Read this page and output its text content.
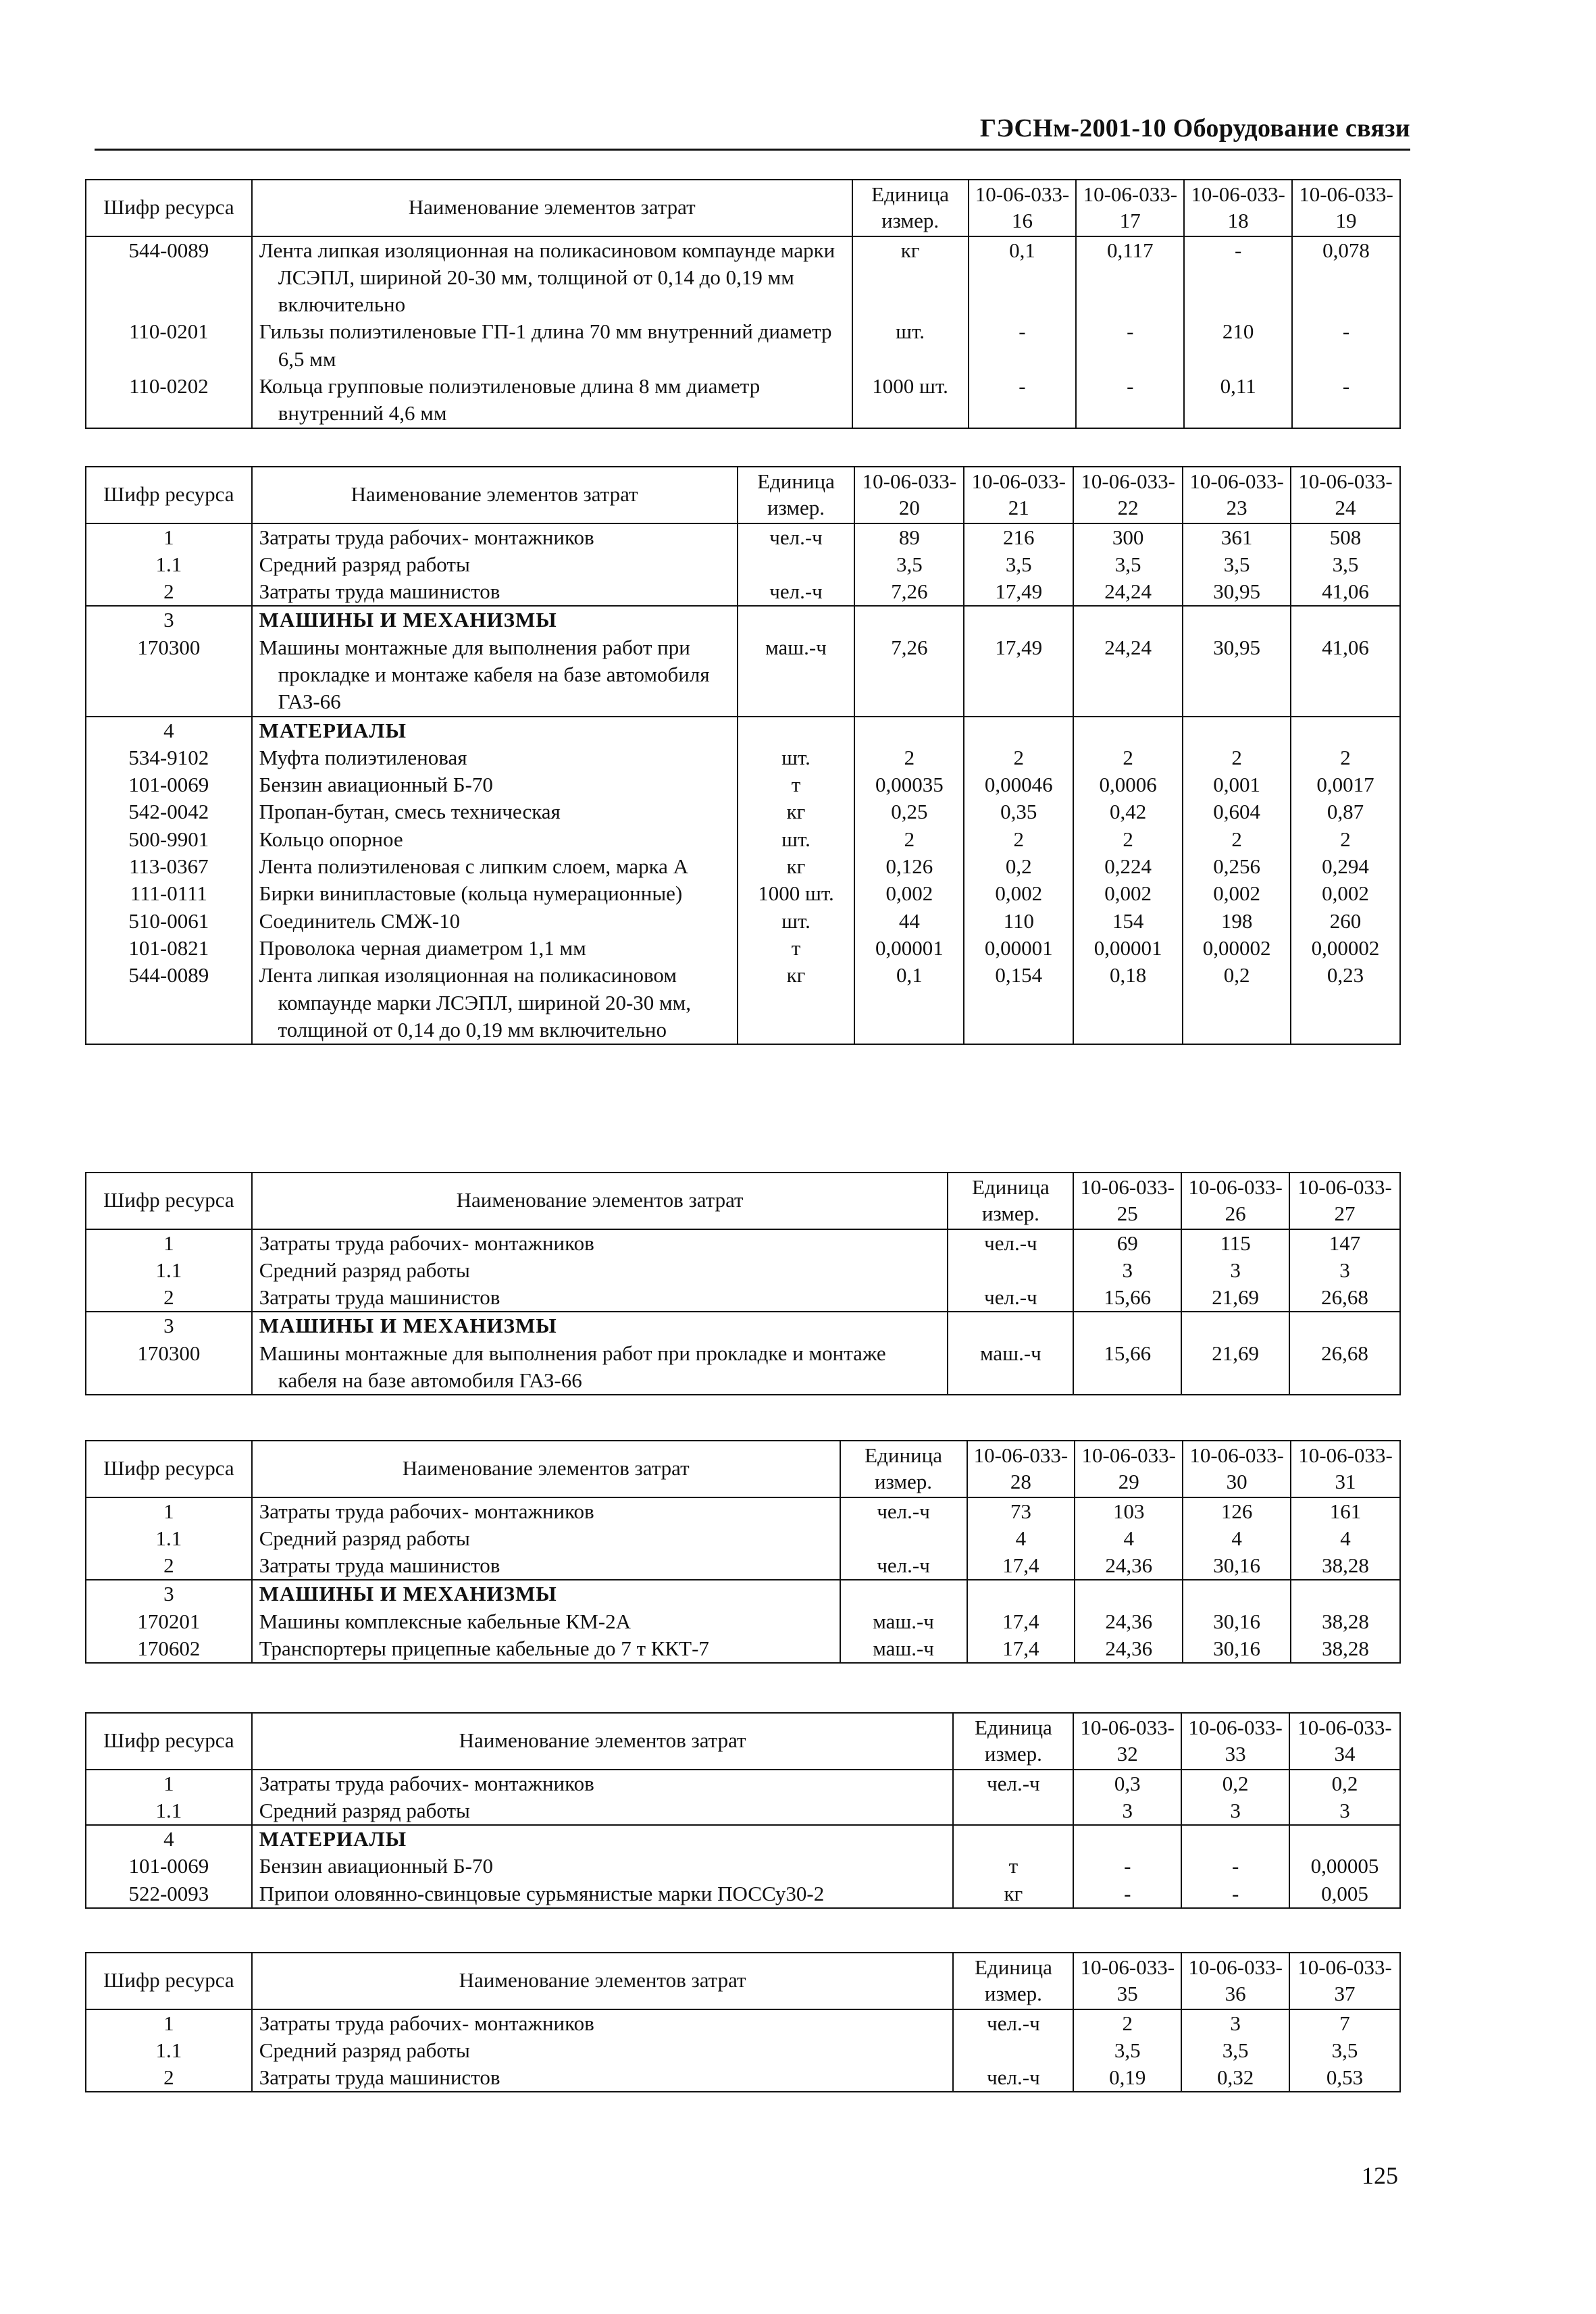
ГЭСНм-2001-10 Оборудование связи
Шифр ресурса	Наименование элементов затрат	Единица измер.	10-06-033-16	10-06-033-17	10-06-033-18	10-06-033-19
544-0089	Лента липкая изоляционная на поликасиновом компаунде марки ЛСЭПЛ, шириной 20-30 мм, толщиной от 0,14 до 0,19 мм включительно	кг	0,1	0,117	-	0,078
110-0201	Гильзы полиэтиленовые ГП-1 длина 70 мм внутренний диаметр 6,5 мм	шт.	-	-	210	-
110-0202	Кольца групповые полиэтиленовые длина 8 мм диаметр внутренний 4,6 мм	1000 шт.	-	-	0,11	-
Шифр ресурса	Наименование элементов затрат	Единица измер.	10-06-033-20	10-06-033-21	10-06-033-22	10-06-033-23	10-06-033-24
1	Затраты труда рабочих- монтажников	чел.-ч	89	216	300	361	508
1.1	Средний разряд работы		3,5	3,5	3,5	3,5	3,5
2	Затраты труда машинистов	чел.-ч	7,26	17,49	24,24	30,95	41,06
3	МАШИНЫ И МЕХАНИЗМЫ						
170300	Машины монтажные для выполнения работ при прокладке и монтаже кабеля на базе автомобиля ГАЗ-66	маш.-ч	7,26	17,49	24,24	30,95	41,06
4	МАТЕРИАЛЫ						
534-9102	Муфта полиэтиленовая	шт.	2	2	2	2	2
101-0069	Бензин авиационный Б-70	т	0,00035	0,00046	0,0006	0,001	0,0017
542-0042	Пропан-бутан, смесь техническая	кг	0,25	0,35	0,42	0,604	0,87
500-9901	Кольцо опорное	шт.	2	2	2	2	2
113-0367	Лента полиэтиленовая с липким слоем, марка А	кг	0,126	0,2	0,224	0,256	0,294
111-0111	Бирки винипластовые (кольца нумерационные)	1000 шт.	0,002	0,002	0,002	0,002	0,002
510-0061	Соединитель СМЖ-10	шт.	44	110	154	198	260
101-0821	Проволока черная диаметром 1,1 мм	т	0,00001	0,00001	0,00001	0,00002	0,00002
544-0089	Лента липкая изоляционная на поликасиновом компаунде марки ЛСЭПЛ, шириной 20-30 мм, толщиной от 0,14 до 0,19 мм включительно	кг	0,1	0,154	0,18	0,2	0,23
Шифр ресурса	Наименование элементов затрат	Единица измер.	10-06-033-25	10-06-033-26	10-06-033-27
1	Затраты труда рабочих- монтажников	чел.-ч	69	115	147
1.1	Средний разряд работы		3	3	3
2	Затраты труда машинистов	чел.-ч	15,66	21,69	26,68
3	МАШИНЫ И МЕХАНИЗМЫ				
170300	Машины монтажные для выполнения работ при прокладке и монтаже кабеля на базе автомобиля ГАЗ-66	маш.-ч	15,66	21,69	26,68
Шифр ресурса	Наименование элементов затрат	Единица измер.	10-06-033-28	10-06-033-29	10-06-033-30	10-06-033-31
1	Затраты труда рабочих- монтажников	чел.-ч	73	103	126	161
1.1	Средний разряд работы		4	4	4	4
2	Затраты труда машинистов	чел.-ч	17,4	24,36	30,16	38,28
3	МАШИНЫ И МЕХАНИЗМЫ					
170201	Машины комплексные кабельные КМ-2А	маш.-ч	17,4	24,36	30,16	38,28
170602	Транспортеры прицепные кабельные до 7 т ККТ-7	маш.-ч	17,4	24,36	30,16	38,28
Шифр ресурса	Наименование элементов затрат	Единица измер.	10-06-033-32	10-06-033-33	10-06-033-34
1	Затраты труда рабочих- монтажников	чел.-ч	0,3	0,2	0,2
1.1	Средний разряд работы		3	3	3
4	МАТЕРИАЛЫ				
101-0069	Бензин авиационный Б-70	т	-	-	0,00005
522-0093	Припои оловянно-свинцовые сурьмянистые марки ПОССу30-2	кг	-	-	0,005
Шифр ресурса	Наименование элементов затрат	Единица измер.	10-06-033-35	10-06-033-36	10-06-033-37
1	Затраты труда рабочих- монтажников	чел.-ч	2	3	7
1.1	Средний разряд работы		3,5	3,5	3,5
2	Затраты труда машинистов	чел.-ч	0,19	0,32	0,53
125
